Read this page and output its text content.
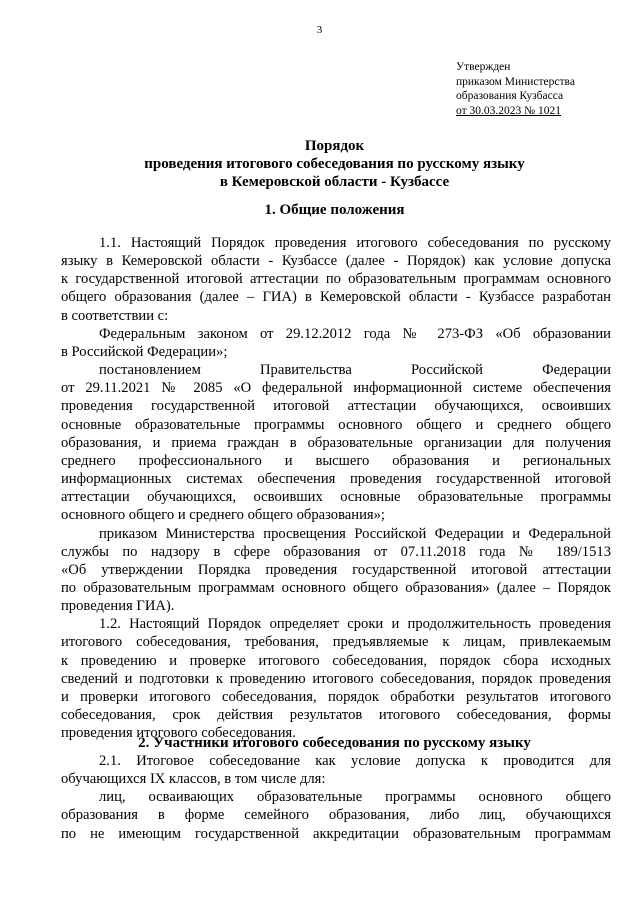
3
Утвержден
приказом Министерства
образования Кузбасса
от 30.03.2023 № 1021
Порядок
проведения итогового собеседования по русскому языку
в Кемеровской области - Кузбассе
1. Общие положения
1.1. Настоящий Порядок проведения итогового собеседования по русскому
языку в Кемеровской области - Кузбассе (далее - Порядок) как условие допуска
к государственной итоговой аттестации по образовательным программам основного
общего образования (далее – ГИА) в Кемеровской области - Кузбассе разработан
в соответствии с:
Федеральным законом от 29.12.2012 года № 273-ФЗ «Об образовании
в Российской Федерации»;
постановлением Правительства Российской Федерации
от 29.11.2021 № 2085 «О федеральной информационной системе обеспечения
проведения государственной итоговой аттестации обучающихся, освоивших
основные образовательные программы основного общего и среднего общего
образования, и приема граждан в образовательные организации для получения
среднего профессионального и высшего образования и региональных
информационных системах обеспечения проведения государственной итоговой
аттестации обучающихся, освоивших основные образовательные программы
основного общего и среднего общего образования»;
приказом Министерства просвещения Российской Федерации и Федеральной
службы по надзору в сфере образования от 07.11.2018 года № 189/1513
«Об утверждении Порядка проведения государственной итоговой аттестации
по образовательным программам основного общего образования» (далее – Порядок
проведения ГИА).
1.2. Настоящий Порядок определяет сроки и продолжительность проведения
итогового собеседования, требования, предъявляемые к лицам, привлекаемым
к проведению и проверке итогового собеседования, порядок сбора исходных
сведений и подготовки к проведению итогового собеседования, порядок проведения
и проверки итогового собеседования, порядок обработки результатов итогового
собеседования, срок действия результатов итогового собеседования, формы
проведения итогового собеседования.
2. Участники итогового собеседования по русскому языку
2.1. Итоговое собеседование как условие допуска к проводится для
обучающихся IX классов, в том числе для:
лиц, осваивающих образовательные программы основного общего
образования в форме семейного образования, либо лиц, обучающихся
по не имеющим государственной аккредитации образовательным программам
